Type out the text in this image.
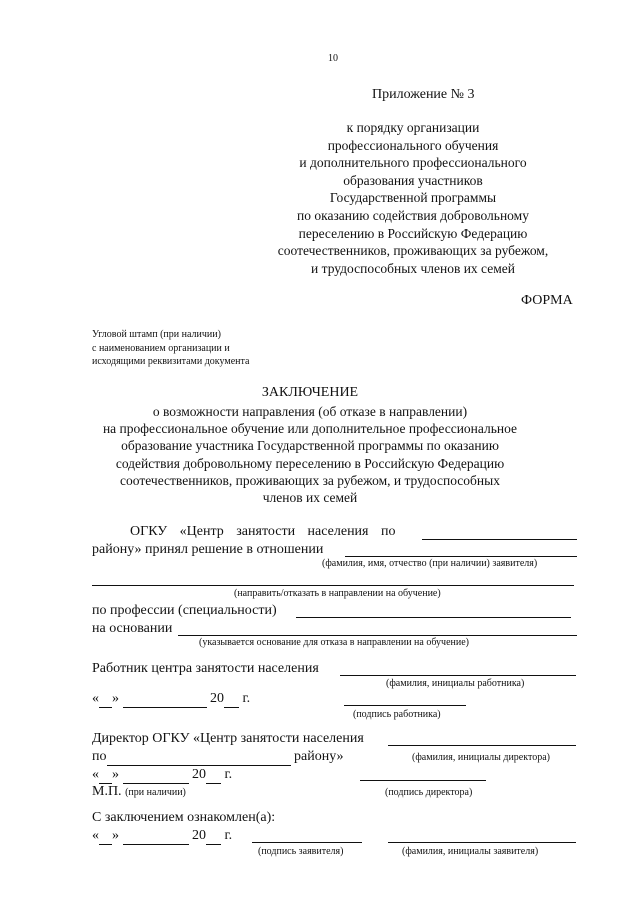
10
Приложение № 3
к порядку организации
профессионального обучения
и дополнительного профессионального
образования участников
Государственной программы
по оказанию содействия добровольному
переселению в Российскую Федерацию
соотечественников, проживающих за рубежом,
и трудоспособных членов их семей
ФОРМА
Угловой штамп (при наличии)
с наименованием организации и
исходящими реквизитами документа
ЗАКЛЮЧЕНИЕ
о возможности направления (об отказе в направлении)
на профессиональное обучение или дополнительное профессиональное
образование участника Государственной программы по оказанию
содействия добровольному переселению в Российскую Федерацию
соотечественников, проживающих за рубежом, и трудоспособных
членов их семей
ОГКУ «Центр занятости населения по
району» принял решение в отношении
(фамилия, имя, отчество (при наличии) заявителя)
(направить/отказать в направлении на обучение)
по профессии (специальности)
на основании
(указывается основание для отказа в направлении на обучение)
Работник центра занятости населения
(фамилия, инициалы работника)
« »	20 г.
(подпись работника)
Директор ОГКУ «Центр занятости населения
по	району»	(фамилия, инициалы директора)
« »	20 г.
М.П. (при наличии)	(подпись директора)
С заключением ознакомлен(а):
« »	20 г.
(подпись заявителя)	(фамилия, инициалы заявителя)
